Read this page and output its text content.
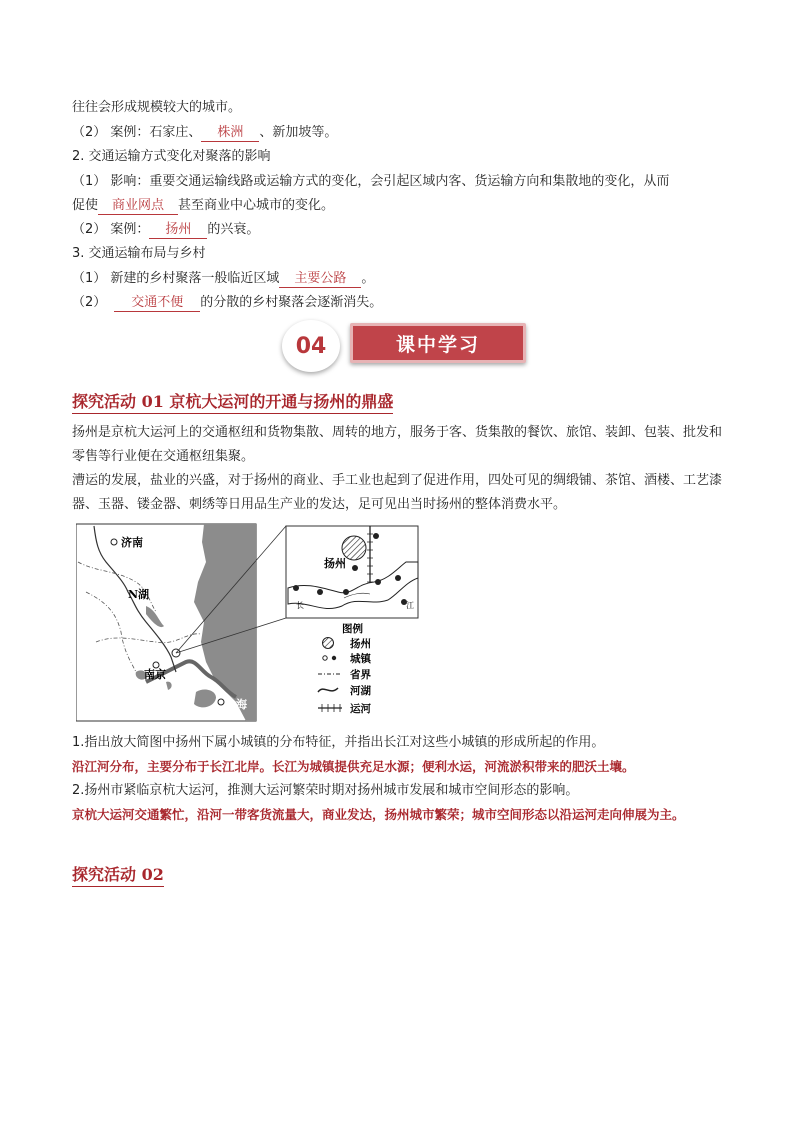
往往会形成规模较大的城市。
（2） 案例：石家庄、 株洲 、新加坡等。
2. 交通运输方式变化对聚落的影响
（1） 影响：重要交通运输线路或运输方式的变化，会引起区域内客、货运输方向和集散地的变化，从而
促使 商业网点 甚至商业中心城市的变化。
（2） 案例： 扬州 的兴衰。
3. 交通运输布局与乡村
（1） 新建的乡村聚落一般临近区域 主要公路 。
（2） 交通不便 的分散的乡村聚落会逐渐消失。
04	课中学习
探究活动 01 京杭大运河的开通与扬州的鼎盛
扬州是京杭大运河上的交通枢纽和货物集散、周转的地方，服务于客、货集散的餐饮、旅馆、装卸、包装、批发和零售等行业便在交通枢纽集聚。
漕运的发展，盐业的兴盛，对于扬州的商业、手工业也起到了促进作用，四处可见的绸缎铺、茶馆、酒楼、工艺漆器、玉器、镂金器、刺绣等日用品生产业的发达，足可见出当时扬州的整体消费水平。
济南
N湖
南京
上海
扬州
长	江
图例
扬州
城镇
省界
河湖
运河
1.指出放大简图中扬州下属小城镇的分布特征，并指出长江对这些小城镇的形成所起的作用。
沿江河分布，主要分布于长江北岸。长江为城镇提供充足水源；便利水运，河流淤积带来的肥沃土壤。
2.扬州市紧临京杭大运河，推测大运河繁荣时期对扬州城市发展和城市空间形态的影响。
京杭大运河交通繁忙，沿河一带客货流量大，商业发达，扬州城市繁荣；城市空间形态以沿运河走向伸展为主。
探究活动 02
